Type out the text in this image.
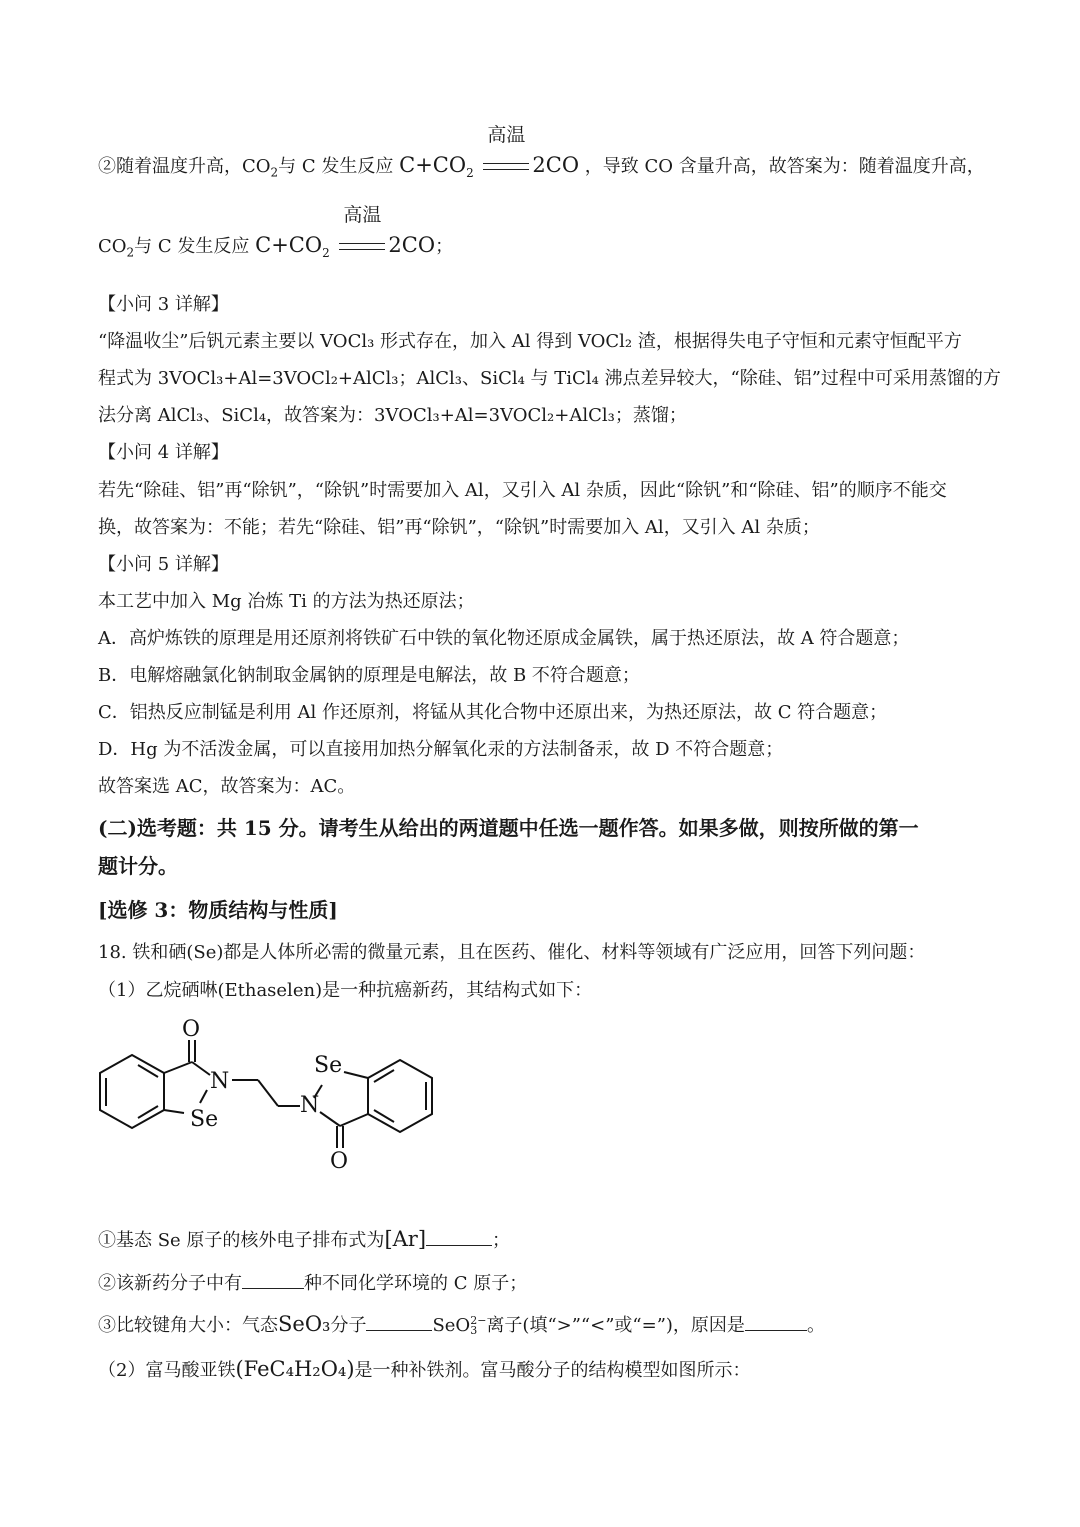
②随着温度升高，$CO_2$与 C 发生反应 $C+CO_2$
高温
2CO ，导致 CO 含量升高，故答案为：随着温度升高，
$CO_2$与 C 发生反应 $C+CO_2$
高温
2CO；
【小问 3 详解】
“降温收尘”后钒元素主要以 VOCl₃ 形式存在，加入 Al 得到 VOCl₂ 渣，根据得失电子守恒和元素守恒配平方
程式为 3VOCl₃+Al=3VOCl₂+AlCl₃；AlCl₃、SiCl₄ 与 TiCl₄ 沸点差异较大，“除硅、铝”过程中可采用蒸馏的方
法分离 AlCl₃、SiCl₄，故答案为：3VOCl₃+Al=3VOCl₂+AlCl₃；蒸馏；
【小问 4 详解】
若先“除硅、铝”再“除钒”，“除钒”时需要加入 Al，又引入 Al 杂质，因此“除钒”和“除硅、铝”的顺序不能交
换，故答案为：不能；若先“除硅、铝”再“除钒”，“除钒”时需要加入 Al，又引入 Al 杂质；
【小问 5 详解】
本工艺中加入 Mg 冶炼 Ti 的方法为热还原法；
A．高炉炼铁的原理是用还原剂将铁矿石中铁的氧化物还原成金属铁，属于热还原法，故 A 符合题意；
B．电解熔融氯化钠制取金属钠的原理是电解法，故 B 不符合题意；
C．铝热反应制锰是利用 Al 作还原剂，将锰从其化合物中还原出来，为热还原法，故 C 符合题意；
D．Hg 为不活泼金属，可以直接用加热分解氧化汞的方法制备汞，故 D 不符合题意；
故答案选 AC，故答案为：AC。
(二)选考题：共 15 分。请考生从给出的两道题中任选一题作答。如果多做，则按所做的第一
题计分。
[选修 3：物质结构与性质]
18. 铁和硒(Se)都是人体所必需的微量元素，且在医药、催化、材料等领域有广泛应用，回答下列问题：
（1）乙烷硒啉(Ethaselen)是一种抗癌新药，其结构式如下：
O
N
Se
Se
N
O
①基态 Se 原子的核外电子排布式为[Ar]	；
②该新药分子中有	种不同化学环境的 C 原子；
③比较键角大小：气态SeO₃分子	SeO 2−
3 离子(填“>”“<”或“=”)，原因是	。
（2）富马酸亚铁(FeC₄H₂O₄)是一种补铁剂。富马酸分子的结构模型如图所示：
